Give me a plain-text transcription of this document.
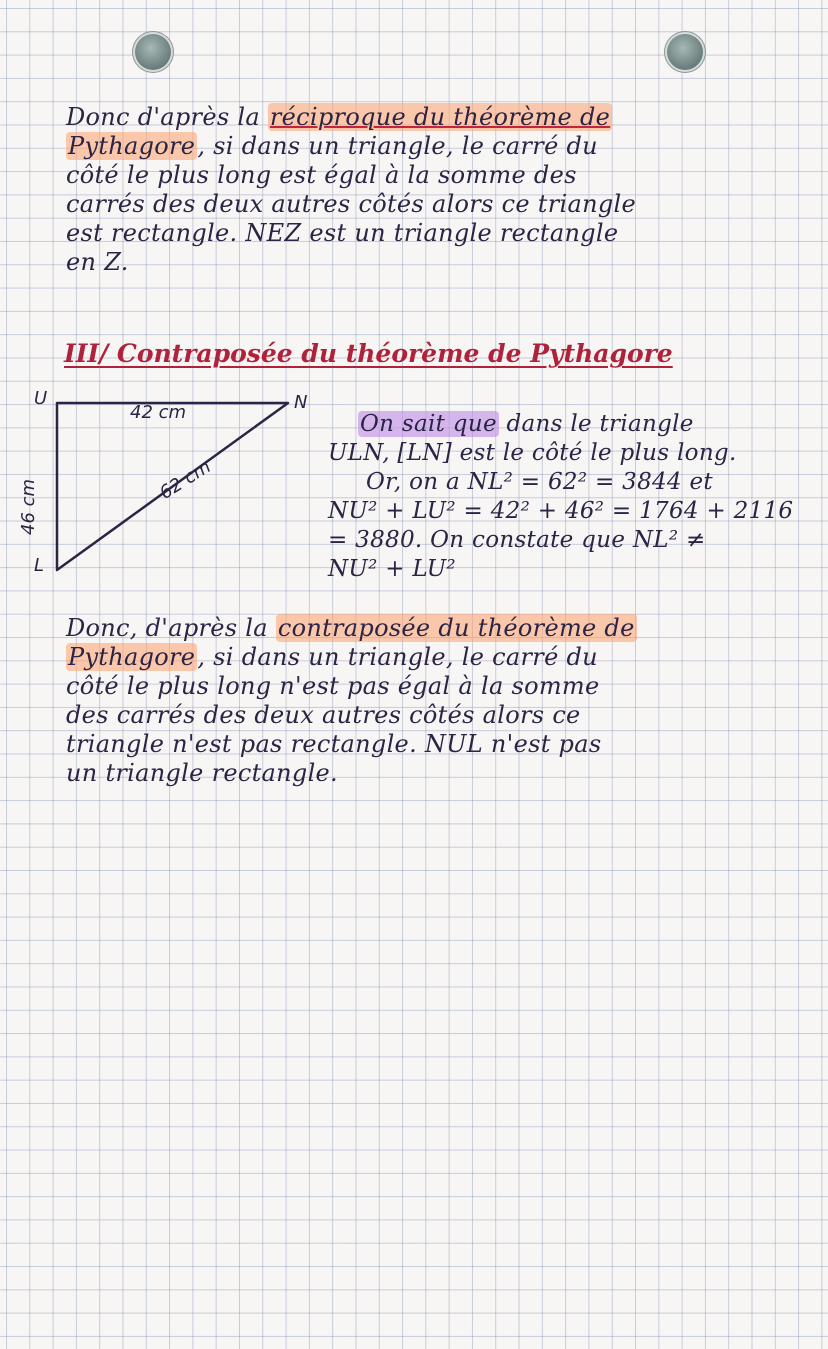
Donc d'après la réciproque du théorème de
Pythagore, si dans un triangle, le carré du
côté le plus long est égal à la somme des
carrés des deux autres côtés alors ce triangle
est rectangle. NEZ est un triangle rectangle
en Z.
III/ Contraposée du théorème de Pythagore
U	N
L
42 cm
62 cm
46 cm
On sait que dans le triangle
ULN, [LN] est le côté le plus long.
Or, on a NL² = 62² = 3844 et
NU² + LU² = 42² + 46² = 1764 + 2116
= 3880. On constate que NL² ≠
NU² + LU²
Donc, d'après la contraposée du théorème de
Pythagore, si dans un triangle, le carré du
côté le plus long n'est pas égal à la somme
des carrés des deux autres côtés alors ce
triangle n'est pas rectangle. NUL n'est pas
un triangle rectangle.
